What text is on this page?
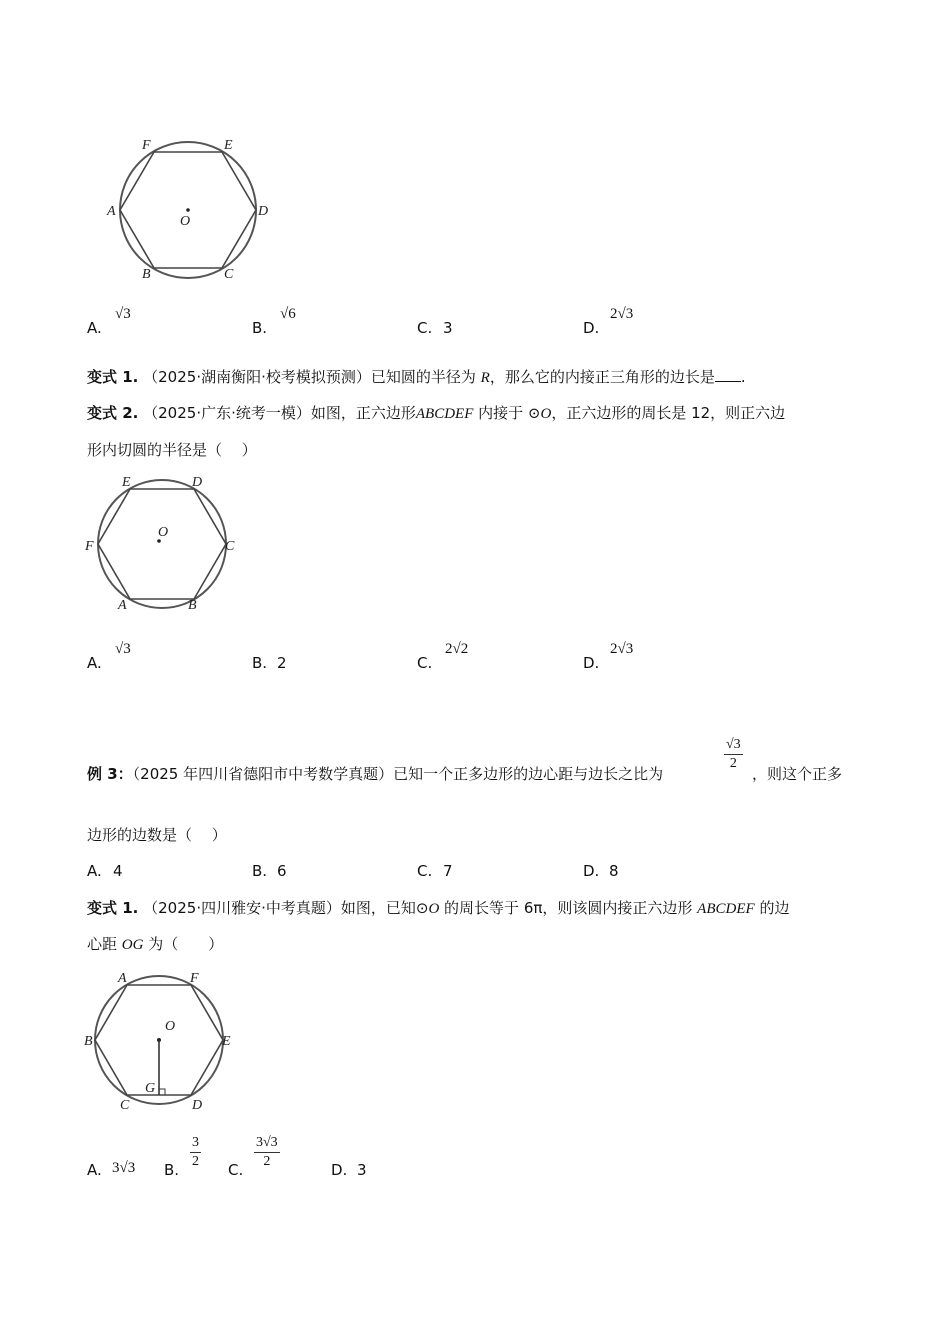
F	E
A	D
O
B	C
A.
√3
B.
√6
C. 3	D.
2√3
变式 1. （2025·湖南衡阳·校考模拟预测）已知圆的半径为 R，那么它的内接正三角形的边长是 .
变式 2. （2025·广东·统考一模）如图，正六边形ABCDEF 内接于 ⊙O，正六边形的周长是 12，则正六边
形内切圆的半径是（　 ）
E	D
O
F	C
A	B
A.
√3
B. 2	C.
2√2
D.
2√3
例 3：（2025 年四川省德阳市中考数学真题）已知一个正多边形的边心距与边长之比为
$\frac{√3}{2}$
，则这个正多
边形的边数是（　 ）
A. 4	B. 6	C. 7	D. 8
变式 1. （2025·四川雅安·中考真题）如图，已知⊙O 的周长等于 6π，则该圆内接正六边形 ABCDEF 的边
心距 OG 为（　　）
A	F
O
B	E
G
C	D
A. 3√3 B. $\frac{3}{2} C$. $\frac{3√3}{2}$	D. 3
